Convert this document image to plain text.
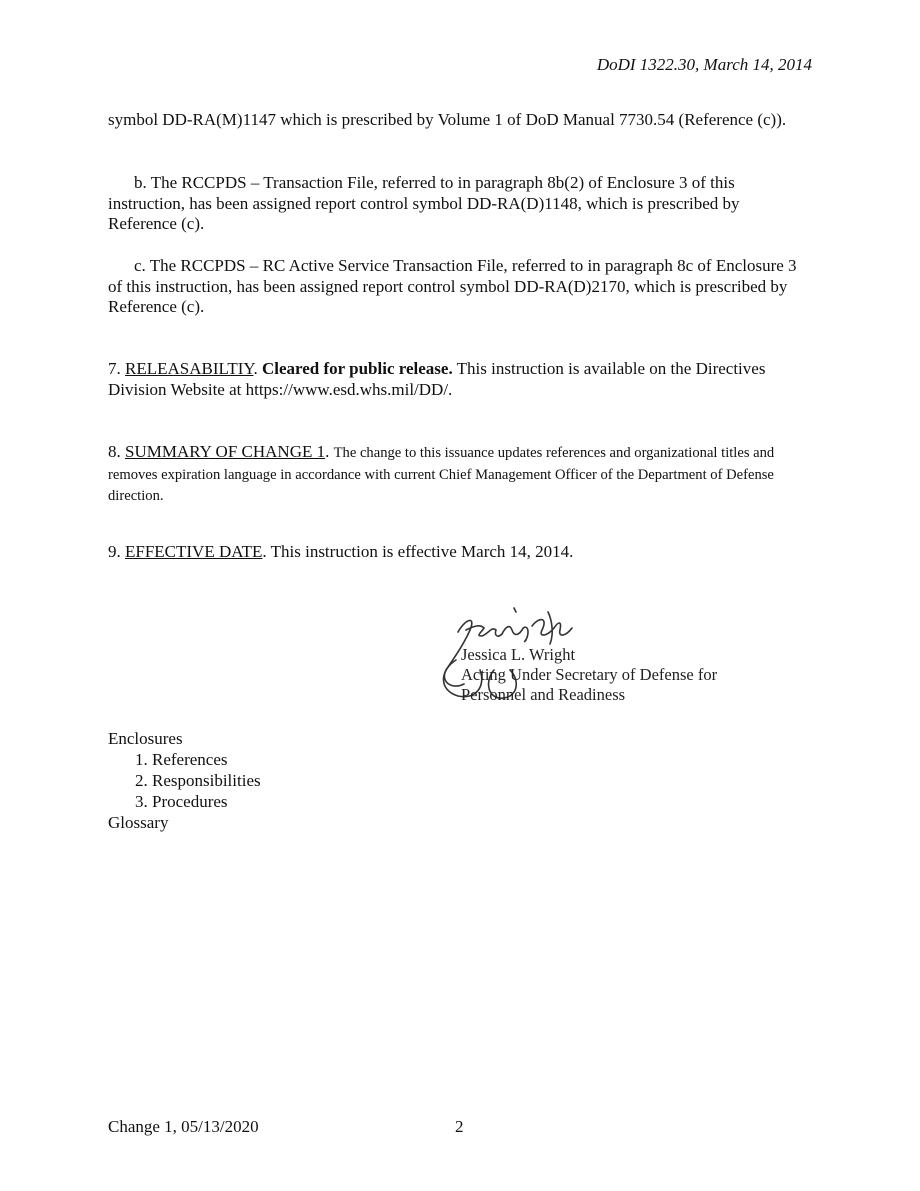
DoDI 1322.30, March 14, 2014

symbol DD-RA(M)1147 which is prescribed by Volume 1 of DoD Manual 7730.54 (Reference (c)).

b. The RCCPDS – Transaction File, referred to in paragraph 8b(2) of Enclosure 3 of this instruction, has been assigned report control symbol DD-RA(D)1148, which is prescribed by Reference (c).

c. The RCCPDS – RC Active Service Transaction File, referred to in paragraph 8c of Enclosure 3 of this instruction, has been assigned report control symbol DD-RA(D)2170, which is prescribed by Reference (c).

7. RELEASABILTIY. Cleared for public release. This instruction is available on the Directives Division Website at https://www.esd.whs.mil/DD/.

8. SUMMARY OF CHANGE 1. The change to this issuance updates references and organizational titles and removes expiration language in accordance with current Chief Management Officer of the Department of Defense direction.

9. EFFECTIVE DATE. This instruction is effective March 14, 2014.

Jessica L. Wright
Acting Under Secretary of Defense for
Personnel and Readiness
Enclosures
1. References
2. Responsibilities
3. Procedures
Glossary
Change 1, 05/13/2020	2
